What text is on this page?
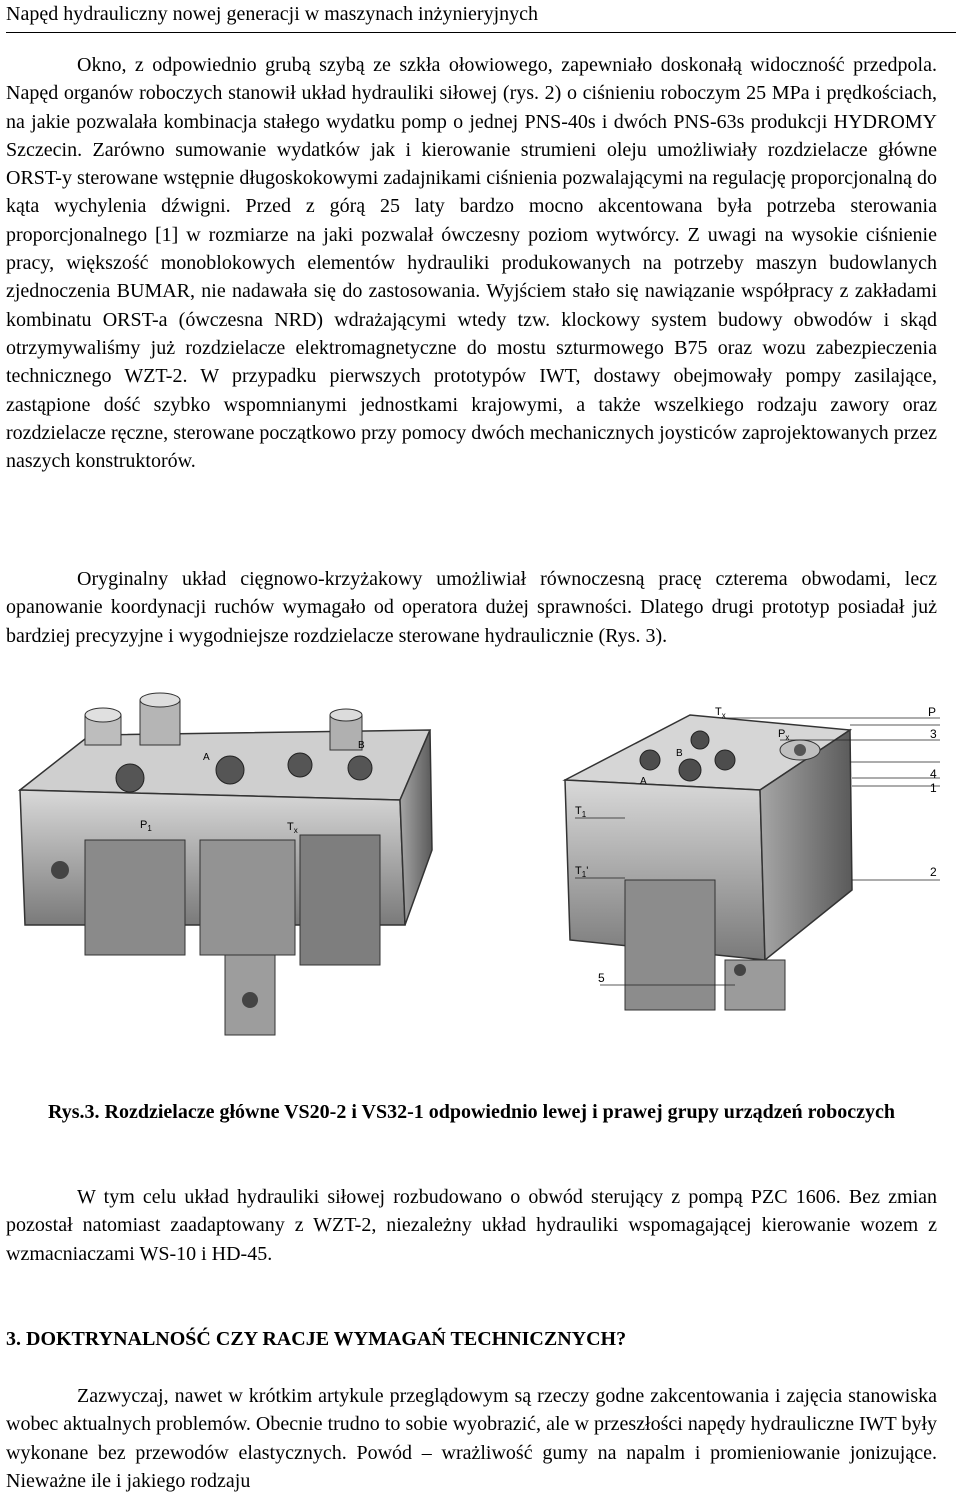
Napęd hydrauliczny nowej generacji w maszynach inżynieryjnych

Okno, z odpowiednio grubą szybą ze szkła ołowiowego, zapewniało doskonałą widoczność przedpola. Napęd organów roboczych stanowił układ hydrauliki siłowej (rys. 2) o ciśnieniu roboczym 25 MPa i prędkościach, na jakie pozwalała kombinacja stałego wydatku pomp o jednej PNS-40s i dwóch PNS-63s produkcji HYDROMY Szczecin. Zarówno sumowanie wydatków jak i kierowanie strumieni oleju umożliwiały rozdzielacze główne ORST-y sterowane wstępnie długoskokowymi zadajnikami ciśnienia pozwalającymi na regulację proporcjonalną do kąta wychylenia dźwigni. Przed z górą 25 laty bardzo mocno akcentowana była potrzeba sterowania proporcjonalnego [1] w rozmiarze na jaki pozwalał ówczesny poziom wytwórcy. Z uwagi na wysokie ciśnienie pracy, większość monoblokowych elementów hydrauliki produkowanych na potrzeby maszyn budowlanych zjednoczenia BUMAR, nie nadawała się do zastosowania. Wyjściem stało się nawiązanie współpracy z zakładami kombinatu ORST-a (ówczesna NRD) wdrażającymi wtedy tzw. klockowy system budowy obwodów i skąd otrzymywaliśmy już rozdzielacze elektromagnetyczne do mostu szturmowego B75 oraz wozu zabezpieczenia technicznego WZT-2. W przypadku pierwszych prototypów IWT, dostawy obejmowały pompy zasilające, zastąpione dość szybko wspomnianymi jednostkami krajowymi, a także wszelkiego rodzaju zawory oraz rozdzielacze ręczne, sterowane początkowo przy pomocy dwóch mechanicznych joysticów zaprojektowanych przez naszych konstruktorów.

Oryginalny układ cięgnowo-krzyżakowy umożliwiał równoczesną pracę czterema obwodami, lecz opanowanie koordynacji ruchów wymagało od operatora dużej sprawności. Dlatego drugi prototyp posiadał już bardziej precyzyjne i wygodniejsze rozdzielacze sterowane hydraulicznie (Rys. 3).

A
$P_1$	$T_x$
B
$T_x$
$P_x$
P
3
4
1
$T_1$
$T_1'$	2
5
B
A
Rys.3. Rozdzielacze główne VS20-2 i VS32-1 odpowiednio lewej i prawej grupy urządzeń roboczych

W tym celu układ hydrauliki siłowej rozbudowano o obwód sterujący z pompą PZC 1606. Bez zmian pozostał natomiast zaadaptowany z WZT-2, niezależny układ hydrauliki wspomagającej kierowanie wozem z wzmacniaczami WS-10 i HD-45.

3. DOKTRYNALNOŚĆ CZY RACJE WYMAGAŃ TECHNICZNYCH?

Zazwyczaj, nawet w krótkim artykule przeglądowym są rzeczy godne zakcentowania i zajęcia stanowiska wobec aktualnych problemów. Obecnie trudno to sobie wyobrazić, ale w przeszłości napędy hydrauliczne IWT były wykonane bez przewodów elastycznych. Powód – wrażliwość gumy na napalm i promieniowanie jonizujące. Nieważne ile i jakiego rodzaju
